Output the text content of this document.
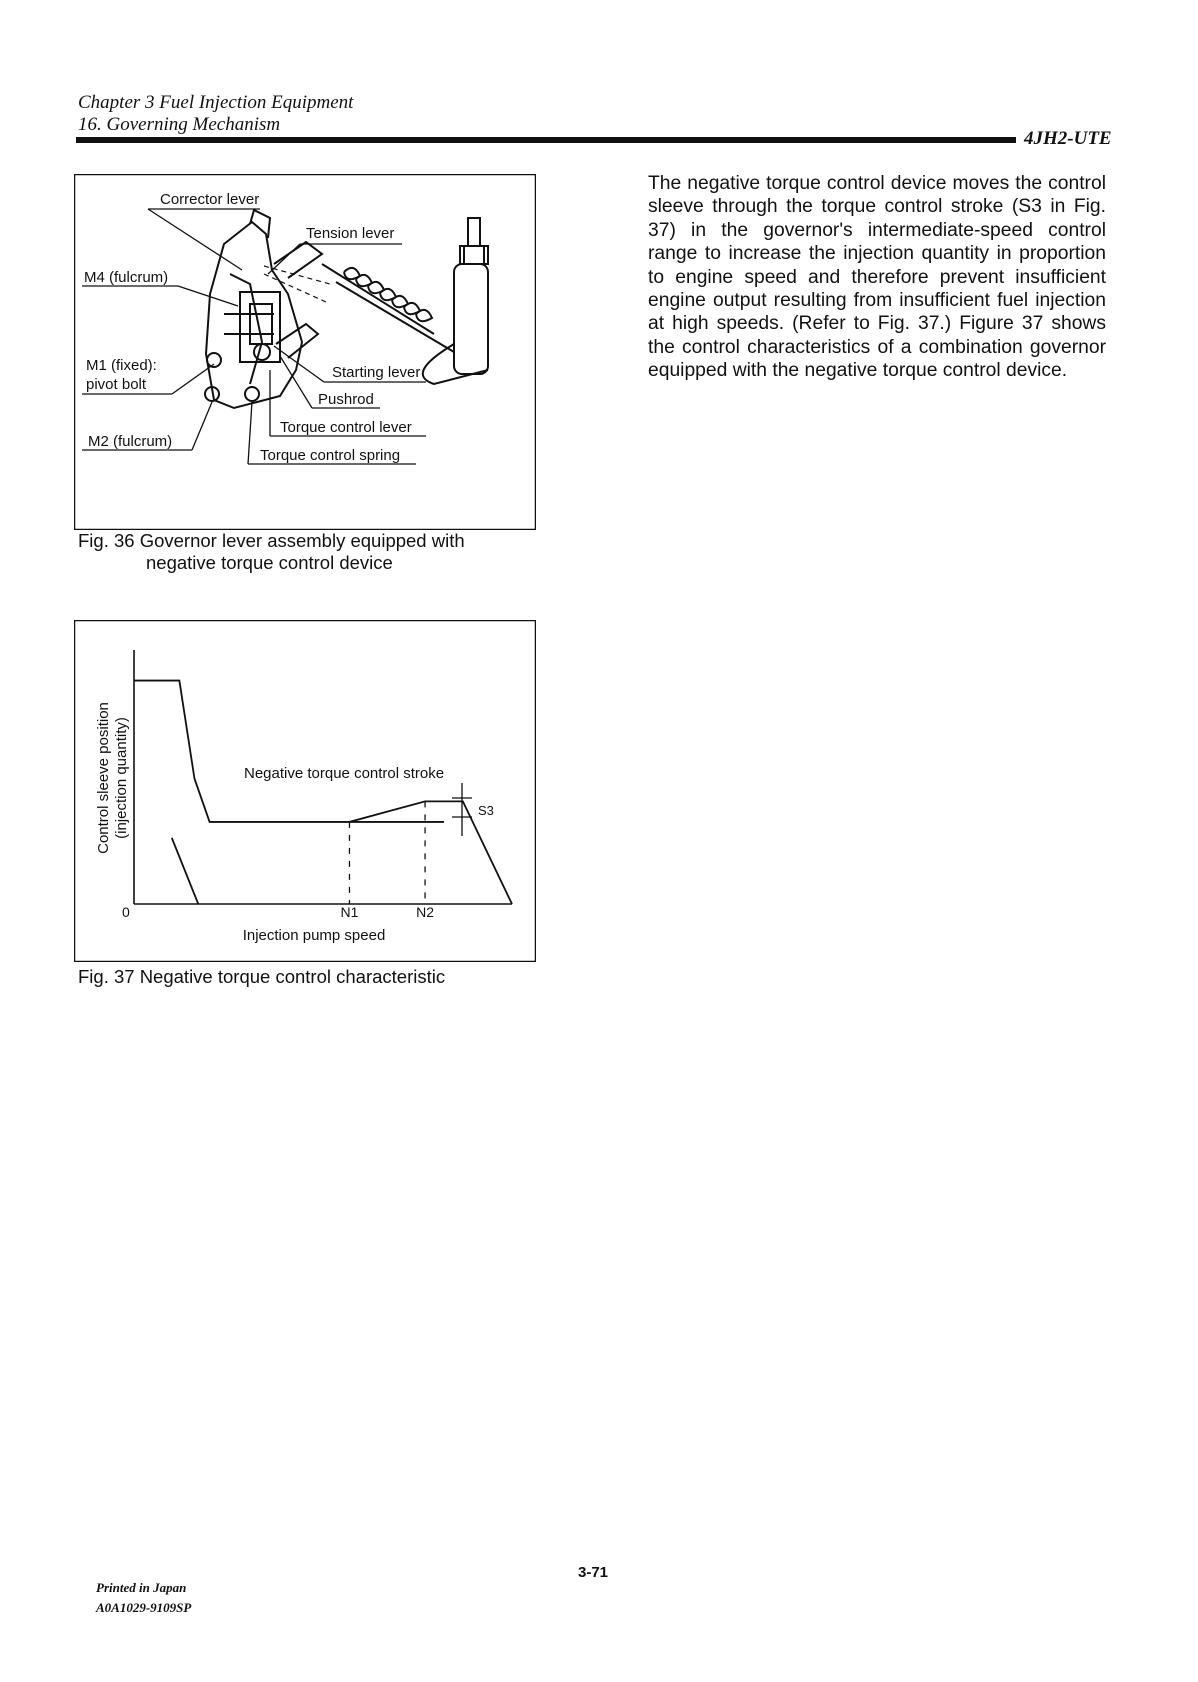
Chapter 3 Fuel Injection Equipment
16. Governing Mechanism
4JH2-UTE
The negative torque control device moves the control sleeve through the torque control stroke (S3 in Fig. 37) in the governor's intermediate-speed control range to increase the injection quantity in proportion to engine speed and therefore prevent insufficient engine output resulting from insufficient fuel injection at high speeds. (Refer to Fig. 37.) Figure 37 shows the control characteristics of a combination governor equipped with the negative torque control device.
Corrector lever
Tension lever
M4 (fulcrum)
M1 (fixed):
pivot bolt
Starting lever
Pushrod
M2 (fulcrum)
Torque control lever
Torque control spring
Fig. 36 Governor lever assembly equipped with
negative torque control device
0
Injection pump speed
Control sleeve position (injection quantity)
N1	N2
S3
Negative torque control stroke
Fig. 37 Negative torque control characteristic
Printed in Japan
A0A1029-9109SP
3-71
